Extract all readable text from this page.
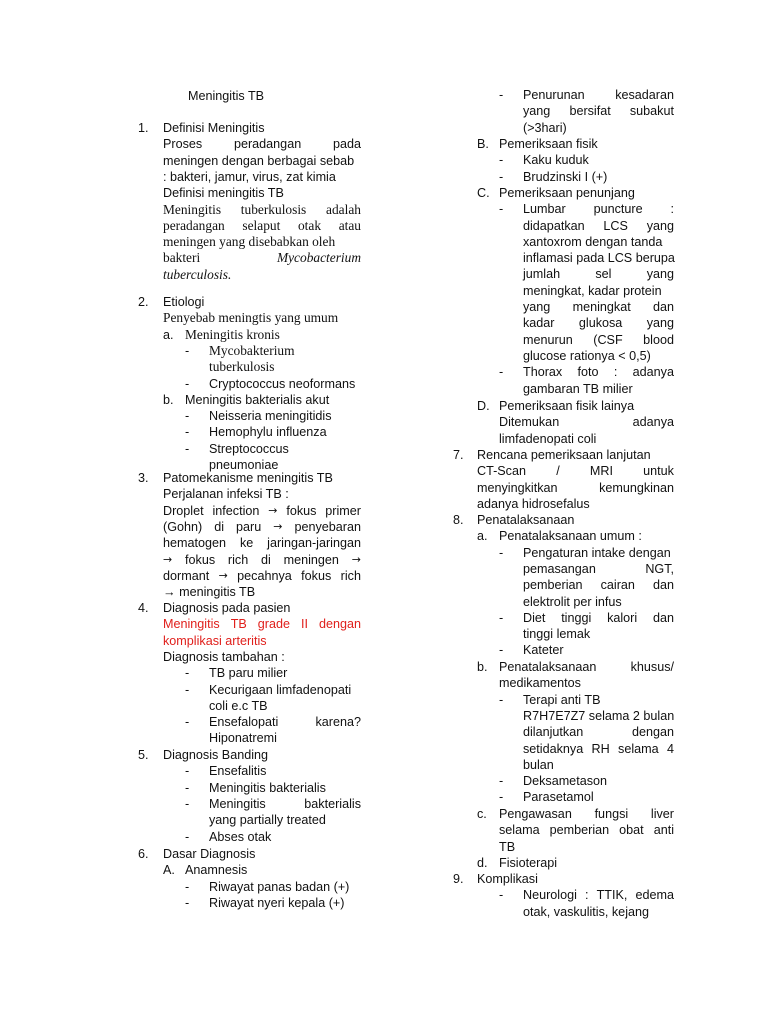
Meningitis TB
1. Definisi Meningitis
Proses	peradangan	pada
meningen dengan berbagai sebab
: bakteri, jamur, virus, zat kimia
Definisi meningitis TB
Meningitis tuberkulosis adalah
peradangan selaput otak atau
meningen yang disebabkan oleh
bakteri	Mycobacterium
tuberculosis.
2. Etiologi
Penyebab meningtis yang umum
a. Meningitis kronis
- Mycobakterium
tuberkulosis
- Cryptococcus neoformans
b. Meningitis bakterialis akut
- Neisseria meningitidis
- Hemophylu influenza
- Streptococcus
pneumoniae
3. Patomekanisme meningitis TB
Perjalanan infeksi TB :
Droplet infection → fokus primer
(Gohn) di paru → penyebaran
hematogen ke jaringan-jaringan
→ fokus rich di meningen →
dormant → pecahnya fokus rich
→ meningitis TB
4. Diagnosis pada pasien
Meningitis TB grade II dengan
komplikasi arteritis
Diagnosis tambahan :
- TB paru milier
- Kecurigaan limfadenopati
coli e.c TB
- Ensefalopati	karena?
Hiponatremi
5. Diagnosis Banding
- Ensefalitis
- Meningitis bakterialis
- Meningitis	bakterialis
yang partially treated
- Abses otak
6. Dasar Diagnosis
A. Anamnesis
- Riwayat panas badan (+)
- Riwayat nyeri kepala (+)
- Penurunan kesadaran
yang bersifat subakut
(>3hari)
B. Pemeriksaan fisik
- Kaku kuduk
- Brudzinski I (+)
C. Pemeriksaan penunjang
- Lumbar puncture :
didapatkan LCS yang
xantoxrom dengan tanda
inflamasi pada LCS berupa
jumlah	sel	yang
meningkat, kadar protein
yang meningkat dan
kadar glukosa yang
menurun (CSF blood
glucose rationya < 0,5)
- Thorax foto : adanya
gambaran TB milier
D. Pemeriksaan fisik lainya
Ditemukan	adanya
limfadenopati coli
7. Rencana pemeriksaan lanjutan
CT-Scan / MRI untuk
menyingkitkan	kemungkinan
adanya hidrosefalus
8. Penatalaksanaan
a. Penatalaksanaan umum :
- Pengaturan intake dengan
pemasangan	NGT,
pemberian cairan dan
elektrolit per infus
- Diet tinggi kalori dan
tinggi lemak
- Kateter
b. Penatalaksanaan	khusus/
medikamentos
- Terapi anti TB
R7H7E7Z7 selama 2 bulan
dilanjutkan	dengan
setidaknya RH selama 4
bulan
- Deksametason
- Parasetamol
c. Pengawasan fungsi liver
selama pemberian obat anti
TB
d. Fisioterapi
9. Komplikasi
- Neurologi : TTIK, edema
otak, vaskulitis, kejang
